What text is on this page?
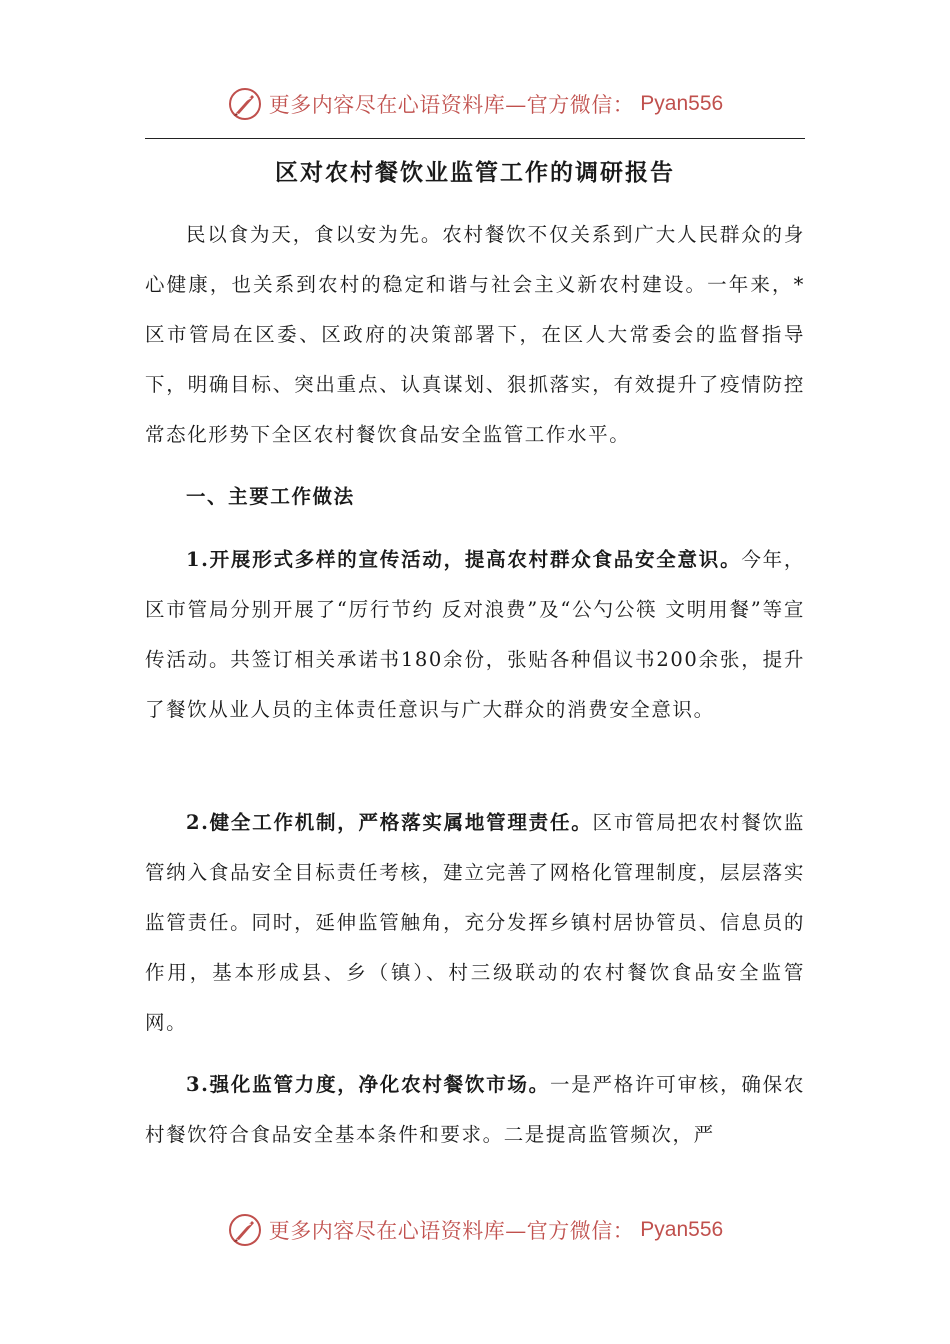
更多内容尽在心语资料库—官方微信： Pyan556
区对农村餐饮业监管工作的调研报告

民以食为天，食以安为先。农村餐饮不仅关系到广大人民群众的身心健康，也关系到农村的稳定和谐与社会主义新农村建设。一年来，*区市管局在区委、区政府的决策部署下，在区人大常委会的监督指导下，明确目标、突出重点、认真谋划、狠抓落实，有效提升了疫情防控常态化形势下全区农村餐饮食品安全监管工作水平。

一、主要工作做法

1.开展形式多样的宣传活动，提高农村群众食品安全意识。今年，区市管局分别开展了“厉行节约 反对浪费”及“公勺公筷 文明用餐”等宣传活动。共签订相关承诺书180余份，张贴各种倡议书200余张，提升了餐饮从业人员的主体责任意识与广大群众的消费安全意识。

2.健全工作机制，严格落实属地管理责任。区市管局把农村餐饮监管纳入食品安全目标责任考核，建立完善了网格化管理制度，层层落实监管责任。同时，延伸监管触角，充分发挥乡镇村居协管员、信息员的作用，基本形成县、乡（镇）、村三级联动的农村餐饮食品安全监管网。

3.强化监管力度，净化农村餐饮市场。一是严格许可审核，确保农村餐饮符合食品安全基本条件和要求。二是提高监管频次，严

更多内容尽在心语资料库—官方微信： Pyan556
